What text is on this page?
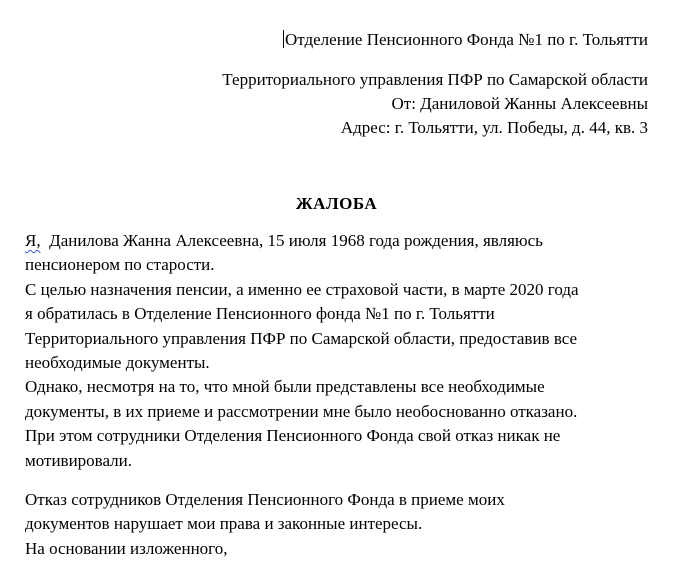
Отделение Пенсионного Фонда №1 по г. Тольятти
Территориального управления ПФР по Самарской области
От: Даниловой Жанны Алексеевны
Адрес: г. Тольятти, ул. Победы, д. 44, кв. 3
ЖАЛОБА
Я,  Данилова Жанна Алексеевна, 15 июля 1968 года рождения, являюсь
пенсионером по старости.
С целью назначения пенсии, а именно ее страховой части, в марте 2020 года
я обратилась в Отделение Пенсионного фонда №1 по г. Тольятти
Территориального управления ПФР по Самарской области, предоставив все
необходимые документы.
Однако, несмотря на то, что мной были представлены все необходимые
документы, в их приеме и рассмотрении мне было необоснованно отказано.
При этом сотрудники Отделения Пенсионного Фонда свой отказ никак не
мотивировали.
Отказ сотрудников Отделения Пенсионного Фонда в приеме моих
документов нарушает мои права и законные интересы.
На основании изложенного,
